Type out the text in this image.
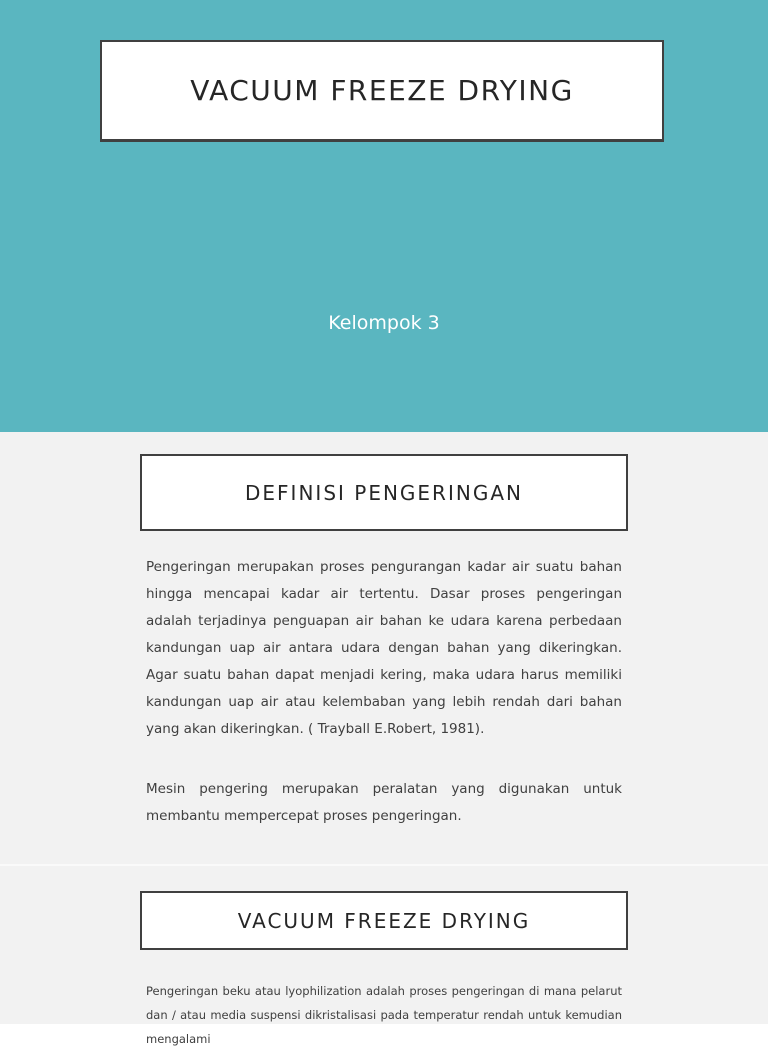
VACUUM FREEZE DRYING
Kelompok 3
DEFINISI PENGERINGAN

Pengeringan merupakan proses pengurangan kadar air suatu bahan hingga mencapai kadar air tertentu. Dasar proses pengeringan adalah terjadinya penguapan air bahan ke udara karena perbedaan kandungan uap air antara udara dengan bahan yang dikeringkan. Agar suatu bahan dapat menjadi kering, maka udara harus memiliki kandungan uap air atau kelembaban yang lebih rendah dari bahan yang akan dikeringkan. ( Trayball E.Robert, 1981).

Mesin pengering merupakan peralatan yang digunakan untuk membantu mempercepat proses pengeringan.

VACUUM FREEZE DRYING

Pengeringan beku atau lyophilization adalah proses pengeringan di mana pelarut dan / atau media suspensi dikristalisasi pada temperatur rendah untuk kemudian mengalami
